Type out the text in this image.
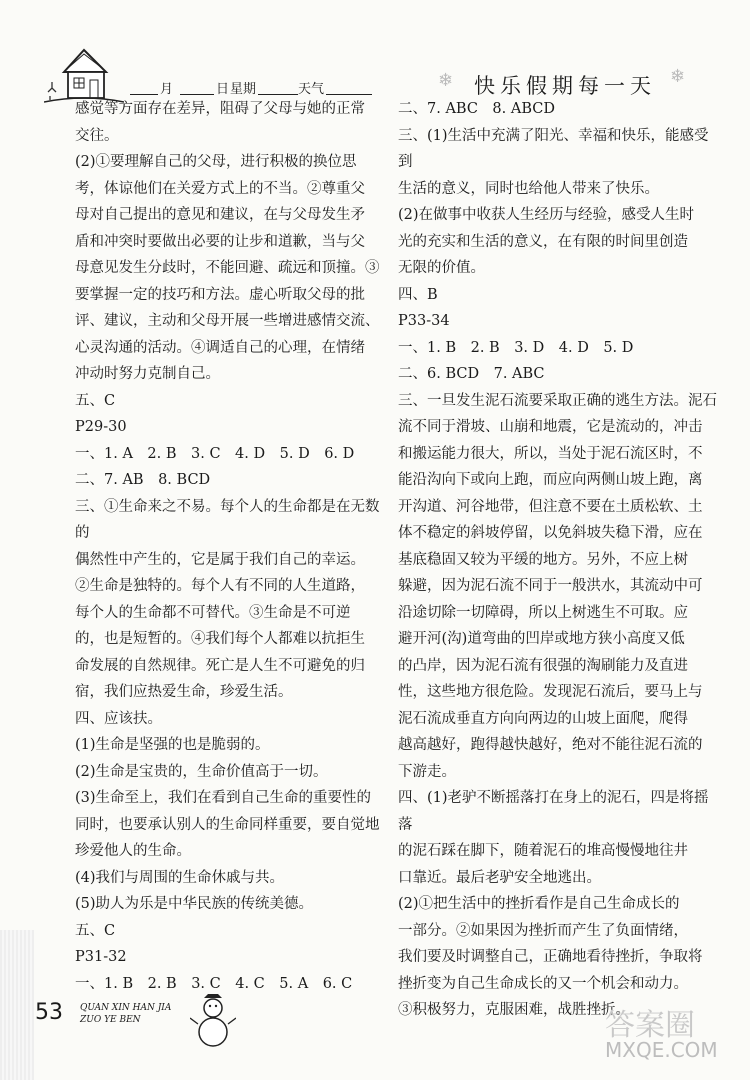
月	日 星期	天气	❄ 快乐假期每一天 ❄

感觉等方面存在差异，阻碍了父母与她的正常

交往。

(2)①要理解自己的父母，进行积极的换位思

考，体谅他们在关爱方式上的不当。②尊重父

母对自己提出的意见和建议，在与父母发生矛

盾和冲突时要做出必要的让步和道歉，当与父

母意见发生分歧时，不能回避、疏远和顶撞。③

要掌握一定的技巧和方法。虚心听取父母的批

评、建议，主动和父母开展一些增进感情交流、

心灵沟通的活动。④调适自己的心理，在情绪

冲动时努力克制自己。

五、C

P29-30

一、1. A　2. B　3. C　4. D　5. D　6. D

二、7. AB　8. BCD

三、①生命来之不易。每个人的生命都是在无数的

偶然性中产生的，它是属于我们自己的幸运。

②生命是独特的。每个人有不同的人生道路，

每个人的生命都不可替代。③生命是不可逆

的，也是短暂的。④我们每个人都难以抗拒生

命发展的自然规律。死亡是人生不可避免的归

宿，我们应热爱生命，珍爱生活。

四、应该扶。

(1)生命是坚强的也是脆弱的。

(2)生命是宝贵的，生命价值高于一切。

(3)生命至上，我们在看到自己生命的重要性的

同时，也要承认别人的生命同样重要，要自觉地

珍爱他人的生命。

(4)我们与周围的生命休戚与共。

(5)助人为乐是中华民族的传统美德。

五、C

P31-32

一、1. B　2. B　3. C　4. C　5. A　6. C

二、7. ABC　8. ABCD

三、(1)生活中充满了阳光、幸福和快乐，能感受到

生活的意义，同时也给他人带来了快乐。

(2)在做事中收获人生经历与经验，感受人生时

光的充实和生活的意义，在有限的时间里创造

无限的价值。

四、B

P33-34

一、1. B　2. B　3. D　4. D　5. D

二、6. BCD　7. ABC

三、一旦发生泥石流要采取正确的逃生方法。泥石

流不同于滑坡、山崩和地震，它是流动的，冲击

和搬运能力很大，所以，当处于泥石流区时，不

能沿沟向下或向上跑，而应向两侧山坡上跑，离

开沟道、河谷地带，但注意不要在土质松软、土

体不稳定的斜坡停留，以免斜坡失稳下滑，应在

基底稳固又较为平缓的地方。另外，不应上树

躲避，因为泥石流不同于一般洪水，其流动中可

沿途切除一切障碍，所以上树逃生不可取。应

避开河(沟)道弯曲的凹岸或地方狭小高度又低

的凸岸，因为泥石流有很强的淘刷能力及直进

性，这些地方很危险。发现泥石流后，要马上与

泥石流成垂直方向向两边的山坡上面爬，爬得

越高越好，跑得越快越好，绝对不能往泥石流的

下游走。

四、(1)老驴不断摇落打在身上的泥石，四是将摇落

的泥石踩在脚下，随着泥石的堆高慢慢地往井

口靠近。最后老驴安全地逃出。

(2)①把生活中的挫折看作是自己生命成长的

一部分。②如果因为挫折而产生了负面情绪，

我们要及时调整自己，正确地看待挫折，争取将

挫折变为自己生命成长的又一个机会和动力。

③积极努力，克服困难，战胜挫折。

53 QUAN XIN HAN JIA
ZUO YE BEN	答案圈
MXQE.COM
